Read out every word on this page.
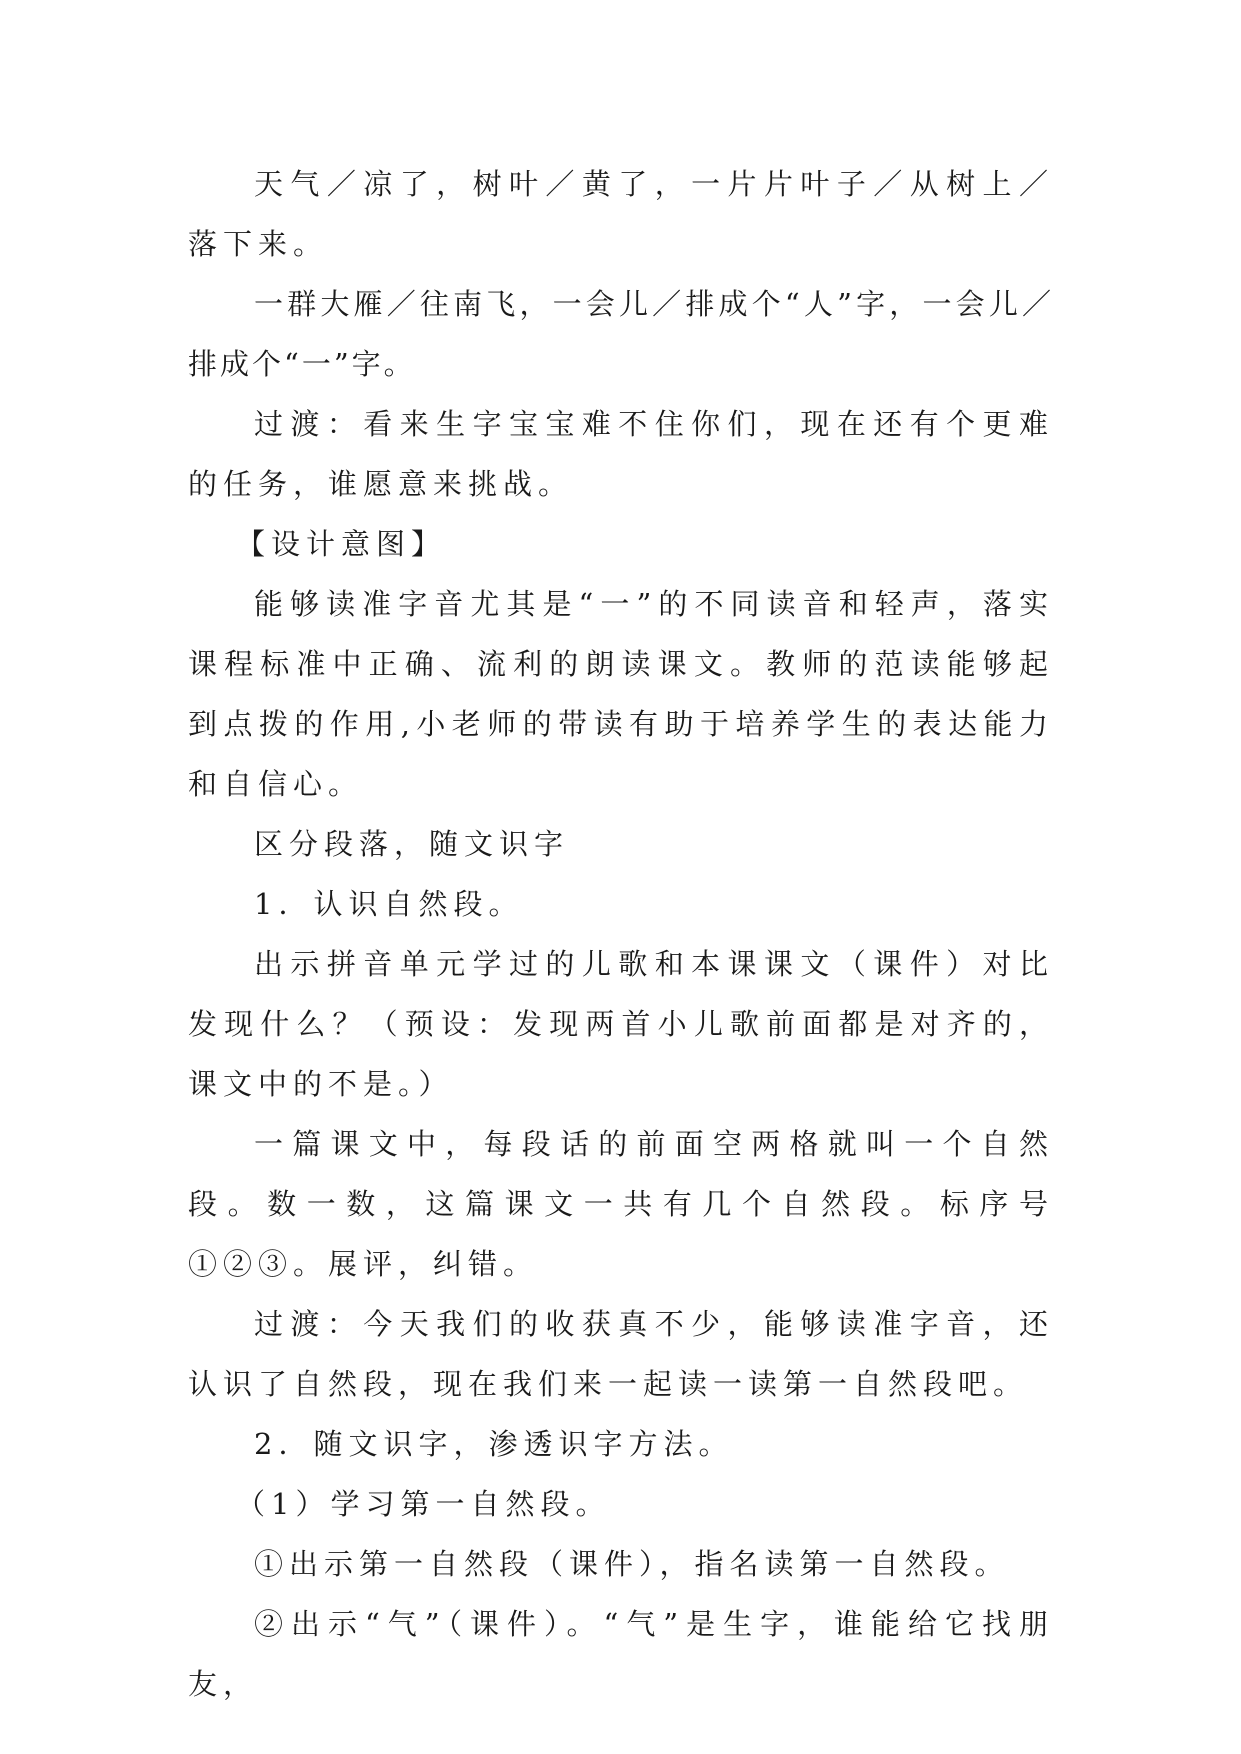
天气／凉了，树叶／黄了，一片片叶子／从树上／落下来。

一群大雁／往南飞，一会儿／排成个“人”字，一会儿／排成个“一”字。

过渡：看来生字宝宝难不住你们，现在还有个更难的任务，谁愿意来挑战。

【设计意图】

能够读准字音尤其是“一”的不同读音和轻声，落实课程标准中正确、流利的朗读课文。教师的范读能够起到点拨的作用,小老师的带读有助于培养学生的表达能力和自信心。

区分段落，随文识字

1．认识自然段。

出示拼音单元学过的儿歌和本课课文（课件）对比发现什么？（预设：发现两首小儿歌前面都是对齐的，课文中的不是。）

一篇课文中，每段话的前面空两格就叫一个自然段。数一数，这篇课文一共有几个自然段。标序号①②③。展评，纠错。

过渡：今天我们的收获真不少，能够读准字音，还认识了自然段，现在我们来一起读一读第一自然段吧。

2．随文识字，渗透识字方法。

（1）学习第一自然段。

①出示第一自然段（课件），指名读第一自然段。

②出示“气”（课件）。“气”是生字，谁能给它找朋友，
